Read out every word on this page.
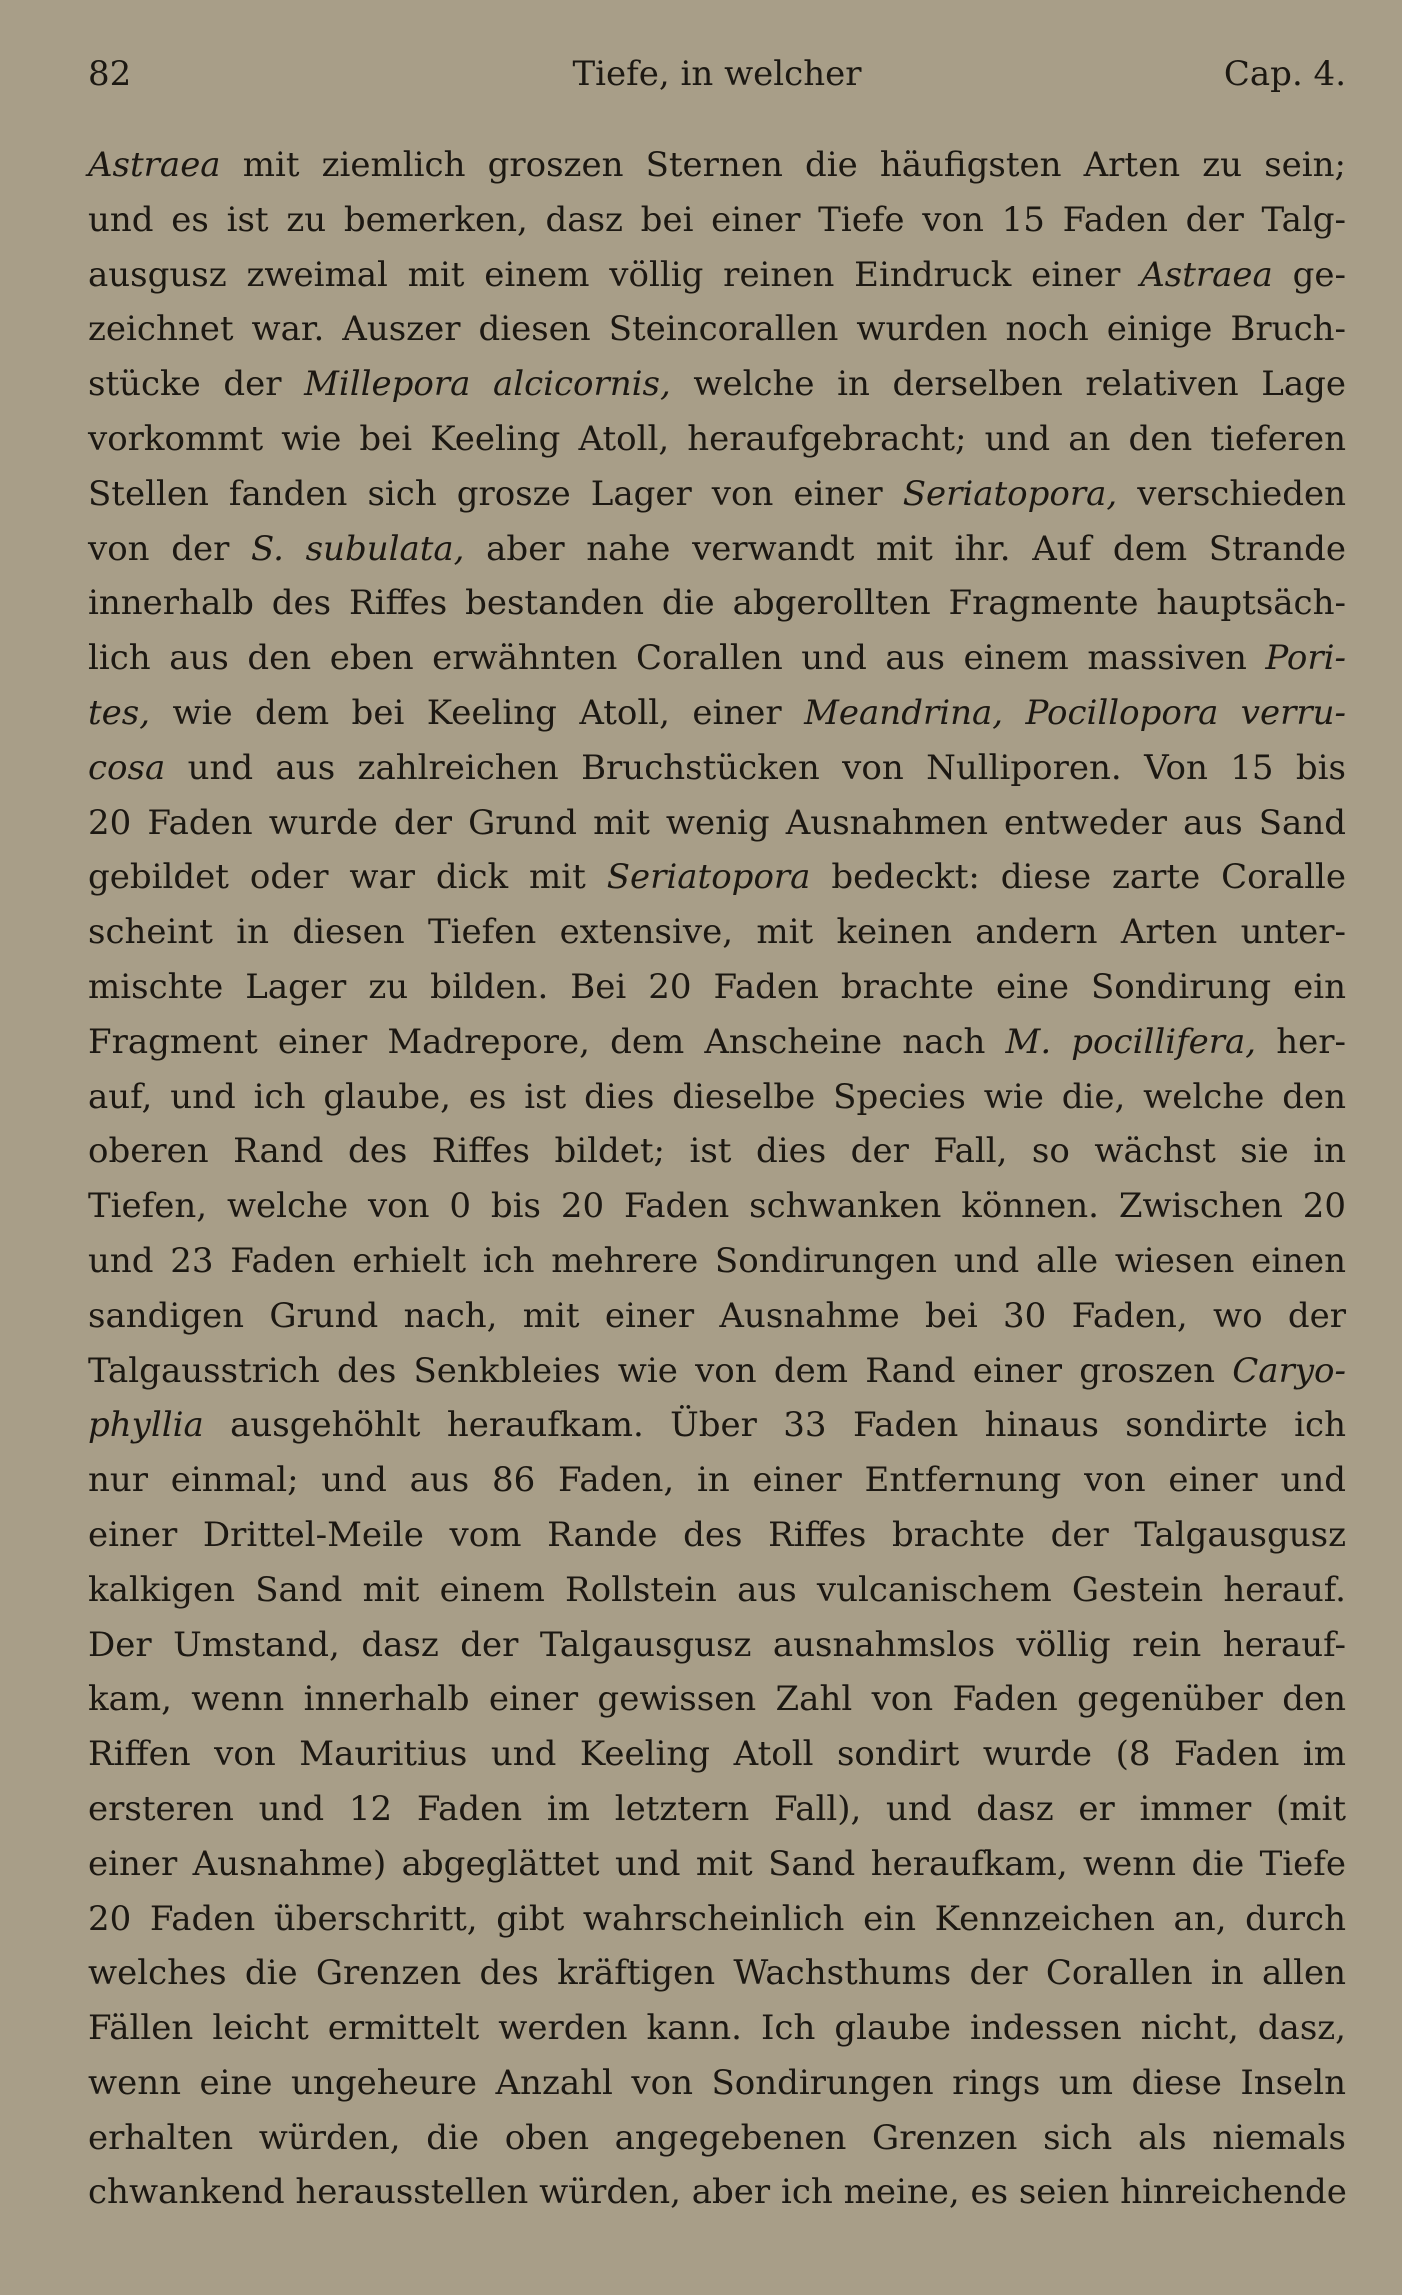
Tiefe, in welcher
82	Cap. 4.
Astraea mit ziemlich groszen Sternen die häufigsten Arten zu sein;
und es ist zu bemerken, dasz bei einer Tiefe von 15 Faden der Talg-
ausgusz zweimal mit einem völlig reinen Eindruck einer Astraea ge-
zeichnet war. Auszer diesen Steincorallen wurden noch einige Bruch-
stücke der Millepora alcicornis, welche in derselben relativen Lage
vorkommt wie bei Keeling Atoll, heraufgebracht; und an den tieferen
Stellen fanden sich grosze Lager von einer Seriatopora, verschieden
von der S. subulata, aber nahe verwandt mit ihr. Auf dem Strande
innerhalb des Riffes bestanden die abgerollten Fragmente hauptsäch-
lich aus den eben erwähnten Corallen und aus einem massiven Pori-
tes, wie dem bei Keeling Atoll, einer Meandrina, Pocillopora verru-
cosa und aus zahlreichen Bruchstücken von Nulliporen. Von 15 bis
20 Faden wurde der Grund mit wenig Ausnahmen entweder aus Sand
gebildet oder war dick mit Seriatopora bedeckt: diese zarte Coralle
scheint in diesen Tiefen extensive, mit keinen andern Arten unter-
mischte Lager zu bilden. Bei 20 Faden brachte eine Sondirung ein
Fragment einer Madrepore, dem Anscheine nach M. pocillifera, her-
auf, und ich glaube, es ist dies dieselbe Species wie die, welche den
oberen Rand des Riffes bildet; ist dies der Fall, so wächst sie in
Tiefen, welche von 0 bis 20 Faden schwanken können. Zwischen 20
und 23 Faden erhielt ich mehrere Sondirungen und alle wiesen einen
sandigen Grund nach, mit einer Ausnahme bei 30 Faden, wo der
Talgausstrich des Senkbleies wie von dem Rand einer groszen Caryo-
phyllia ausgehöhlt heraufkam. Über 33 Faden hinaus sondirte ich
nur einmal; und aus 86 Faden, in einer Entfernung von einer und
einer Drittel-Meile vom Rande des Riffes brachte der Talgausgusz
kalkigen Sand mit einem Rollstein aus vulcanischem Gestein herauf.
Der Umstand, dasz der Talgausgusz ausnahmslos völlig rein herauf-
kam, wenn innerhalb einer gewissen Zahl von Faden gegenüber den
Riffen von Mauritius und Keeling Atoll sondirt wurde (8 Faden im
ersteren und 12 Faden im letztern Fall), und dasz er immer (mit
einer Ausnahme) abgeglättet und mit Sand heraufkam, wenn die Tiefe
20 Faden überschritt, gibt wahrscheinlich ein Kennzeichen an, durch
welches die Grenzen des kräftigen Wachsthums der Corallen in allen
Fällen leicht ermittelt werden kann. Ich glaube indessen nicht, dasz,
wenn eine ungeheure Anzahl von Sondirungen rings um diese Inseln
erhalten würden, die oben angegebenen Grenzen sich als niemals
chwankend herausstellen würden, aber ich meine, es seien hinreichende
